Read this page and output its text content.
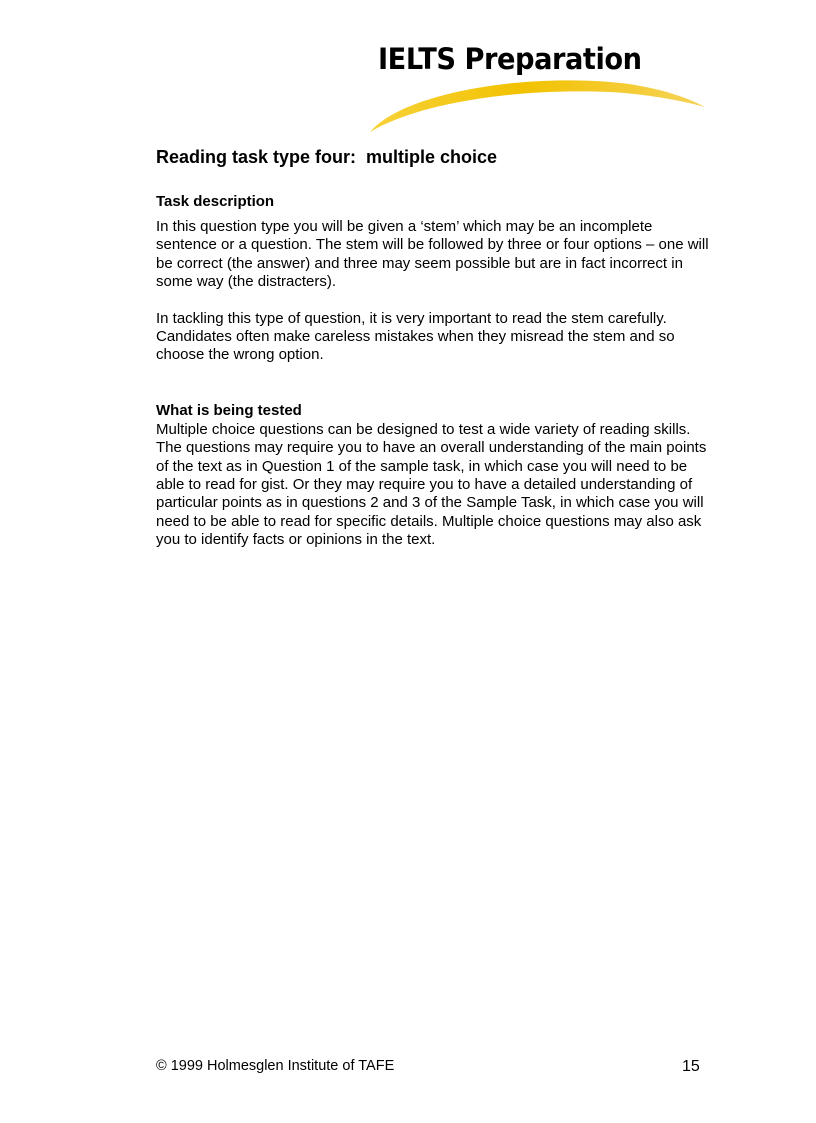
IELTS Preparation
Reading task type four:  multiple choice
Task description

In this question type you will be given a ‘stem’ which may be an incomplete sentence or a question. The stem will be followed by three or four options – one will be correct (the answer) and three may seem possible but are in fact incorrect in some way (the distracters).

In tackling this type of question, it is very important to read the stem carefully. Candidates often make careless mistakes when they misread the stem and so choose the wrong option.

What is being tested

Multiple choice questions can be designed to test a wide variety of reading skills. The questions may require you to have an overall understanding of the main points of the text as in Question 1 of the sample task, in which case you will need to be able to read for gist. Or they may require you to have a detailed understanding of particular points as in questions 2 and 3 of the Sample Task, in which case you will need to be able to read for specific details. Multiple choice questions may also ask you to identify facts or opinions in the text.

© 1999 Holmesglen Institute of TAFE	15
